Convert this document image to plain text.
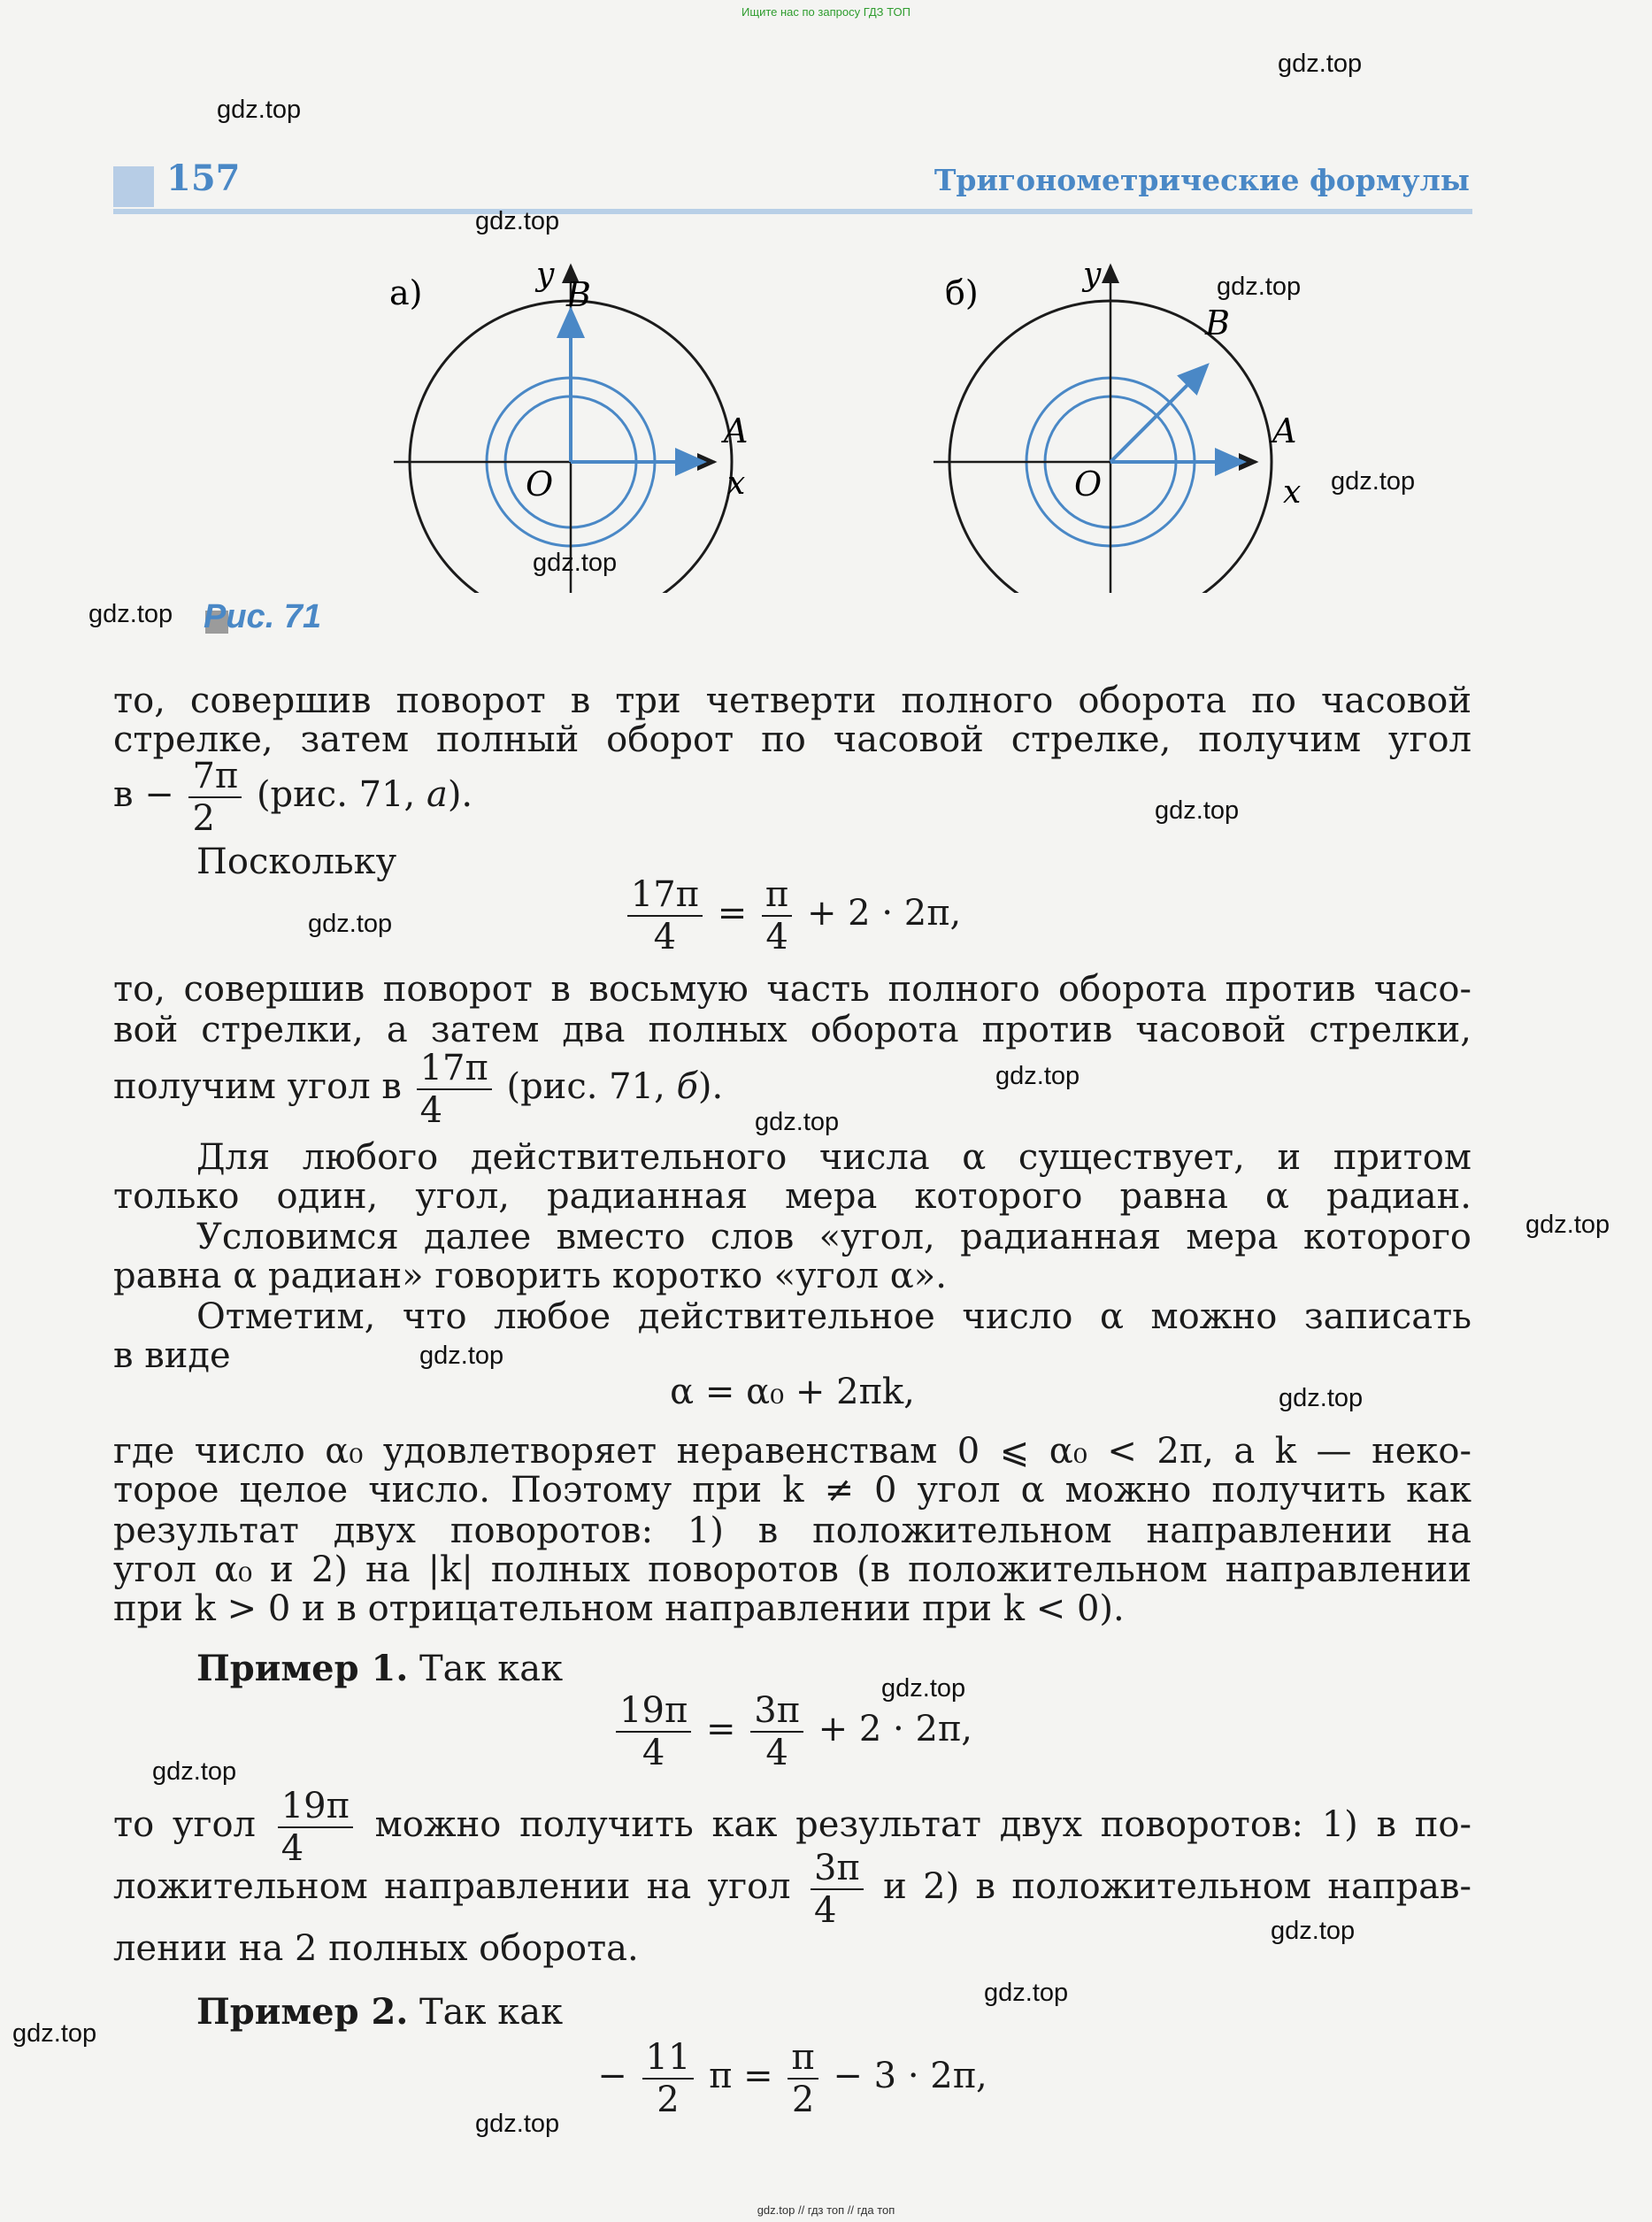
Ищите нас по запросу ГДЗ ТОП
gdz.top // гдз топ // гда топ
157	Тригонометрические формулы
а)	y
B
A
O	x
б)	y
B
A
O	x
Рис. 71
то, совершив поворот в три четверти полного оборота по часовой
стрелке, затем полный оборот по часовой стрелке, получим угол
$в - \frac{7\pi}{2} (рис$. 71, а).
Поскольку
$\frac{17\pi}{4} = \frac{\pi}{4} + 2 \cdot 2\pi$,
то, совершив поворот в восьмую часть полного оборота против часо-
вой стрелки, а затем два полных оборота против часовой стрелки,
получим угол в $\frac{17\pi}{4} (рис$. 71, б).
Для любого действительного числа α существует, и притом
только один, угол, радианная мера которого равна α радиан.
Условимся далее вместо слов «угол, радианная мера которого
равна α радиан» говорить коротко «угол α».
Отметим, что любое действительное число α можно записать
в виде
α = α₀ + 2πk,
где число α₀ удовлетворяет неравенствам 0 ⩽ α₀ < 2π, а k — неко-
торое целое число. Поэтому при k ≠ 0 угол α можно получить как
результат двух поворотов: 1) в положительном направлении на
угол α₀ и 2) на |k| полных поворотов (в положительном направлении
при k > 0 и в отрицательном направлении при k < 0).
Пример 1. Так как
$\frac{19\pi}{4} = \frac{3\pi}{4} + 2 \cdot 2\pi$,
то угол $\frac{19\pi}{4}$ можно получить как результат двух поворотов: 1) в по-
ложительном направлении на угол $\frac{3\pi}{4}$ и 2) в положительном направ-
лении на 2 полных оборота.
Пример 2. Так как
− $\frac{11}{2}$ $\pi = \frac{\pi}{2} - 3 \cdot 2\pi$,
gdz.top
gdz.top
gdz.top
gdz.top
gdz.top
gdz.top
gdz.top
gdz.top
gdz.top
gdz.top
gdz.top
gdz.top
gdz.top
gdz.top
gdz.top
gdz.top
gdz.top
gdz.top
gdz.top
gdz.top
